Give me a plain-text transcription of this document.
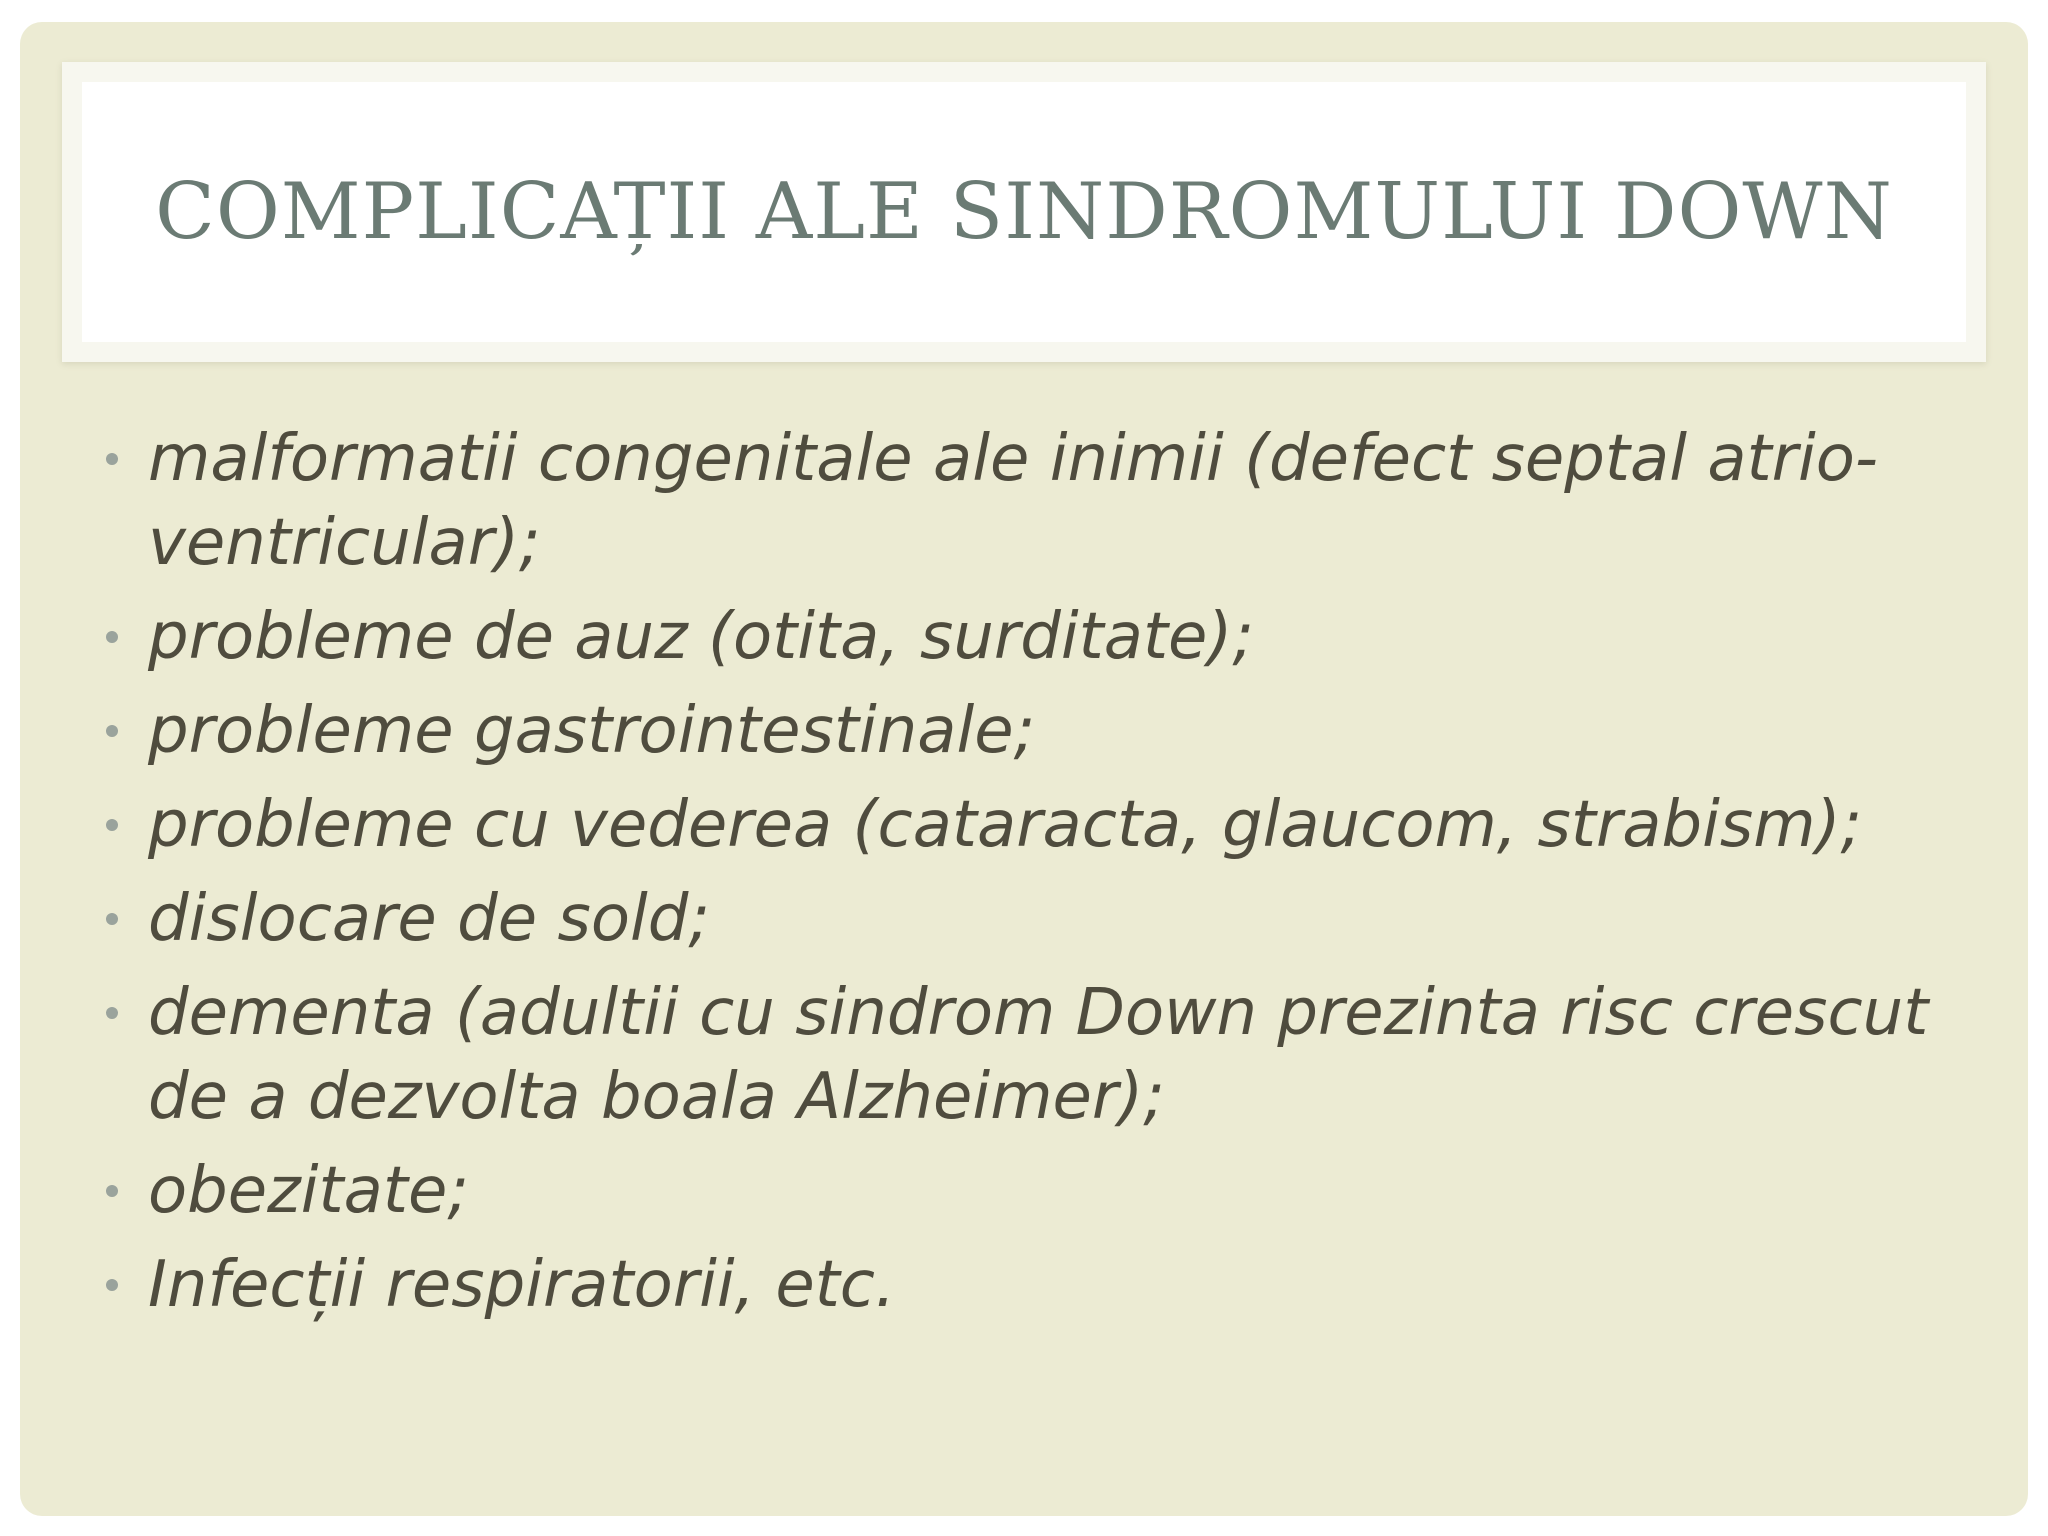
COMPLICAȚII ALE SINDROMULUI DOWN
malformatii congenitale ale inimii (defect septal atrio-ventricular);
probleme de auz (otita, surditate);
probleme gastrointestinale;
probleme cu vederea (cataracta, glaucom, strabism);
dislocare de sold;
dementa (adultii cu sindrom Down prezinta risc crescut de a dezvolta boala Alzheimer);
obezitate;
Infecții respiratorii, etc.
